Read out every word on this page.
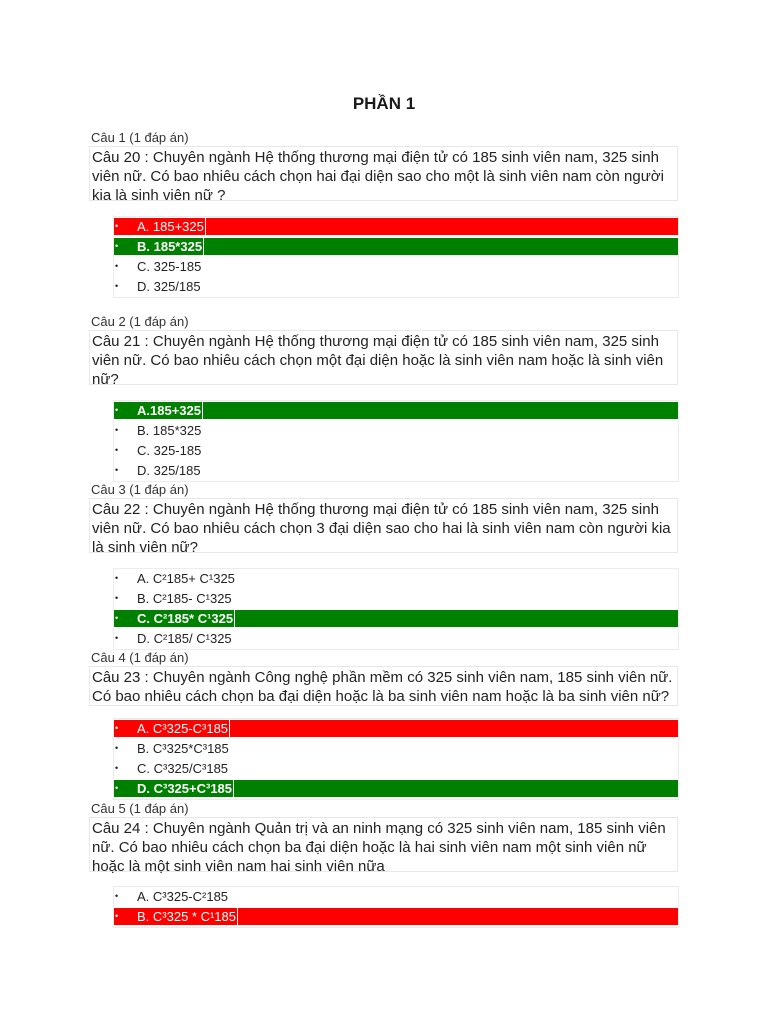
PHẦN 1
Câu 1 (1 đáp án)
Câu 20 : Chuyên ngành Hệ thống thương mại điện tử có 185 sinh viên nam, 325 sinh viên nữ. Có bao nhiêu cách chọn hai đại diện sao cho một là sinh viên nam còn người kia là sinh viên nữ ?
• A. 185+325
• B. 185*325
• C. 325-185
• D. 325/185
Câu 2 (1 đáp án)
Câu 21 : Chuyên ngành Hệ thống thương mại điện tử có 185 sinh viên nam, 325 sinh viên nữ. Có bao nhiêu cách chọn một đại diện hoặc là sinh viên nam hoặc là sinh viên nữ?
• A.185+325
• B. 185*325
• C. 325-185
• D. 325/185
Câu 3 (1 đáp án)
Câu 22 : Chuyên ngành Hệ thống thương mại điện tử có 185 sinh viên nam, 325 sinh viên nữ. Có bao nhiêu cách chọn 3 đại diện sao cho hai là sinh viên nam còn người kia là sinh viên nữ?
• A. C²185+ C¹325
• B. C²185- C¹325
• C. C²185* C¹325
• D. C²185/ C¹325
Câu 4 (1 đáp án)
Câu 23 : Chuyên ngành Công nghệ phần mềm có 325 sinh viên nam, 185 sinh viên nữ. Có bao nhiêu cách chọn ba đại diện hoặc là ba sinh viên nam hoặc là ba sinh viên nữ?
• A. C³325-C³185
• B. C³325*C³185
• C. C³325/C³185
• D. C³325+C³185
Câu 5 (1 đáp án)
Câu 24 : Chuyên ngành Quản trị và an ninh mạng có 325 sinh viên nam, 185 sinh viên nữ. Có bao nhiêu cách chọn ba đại diện hoặc là hai sinh viên nam một sinh viên nữ hoặc là một sinh viên nam hai sinh viên nữa
• A. C³325-C²185
• B. C³325 * C¹185
